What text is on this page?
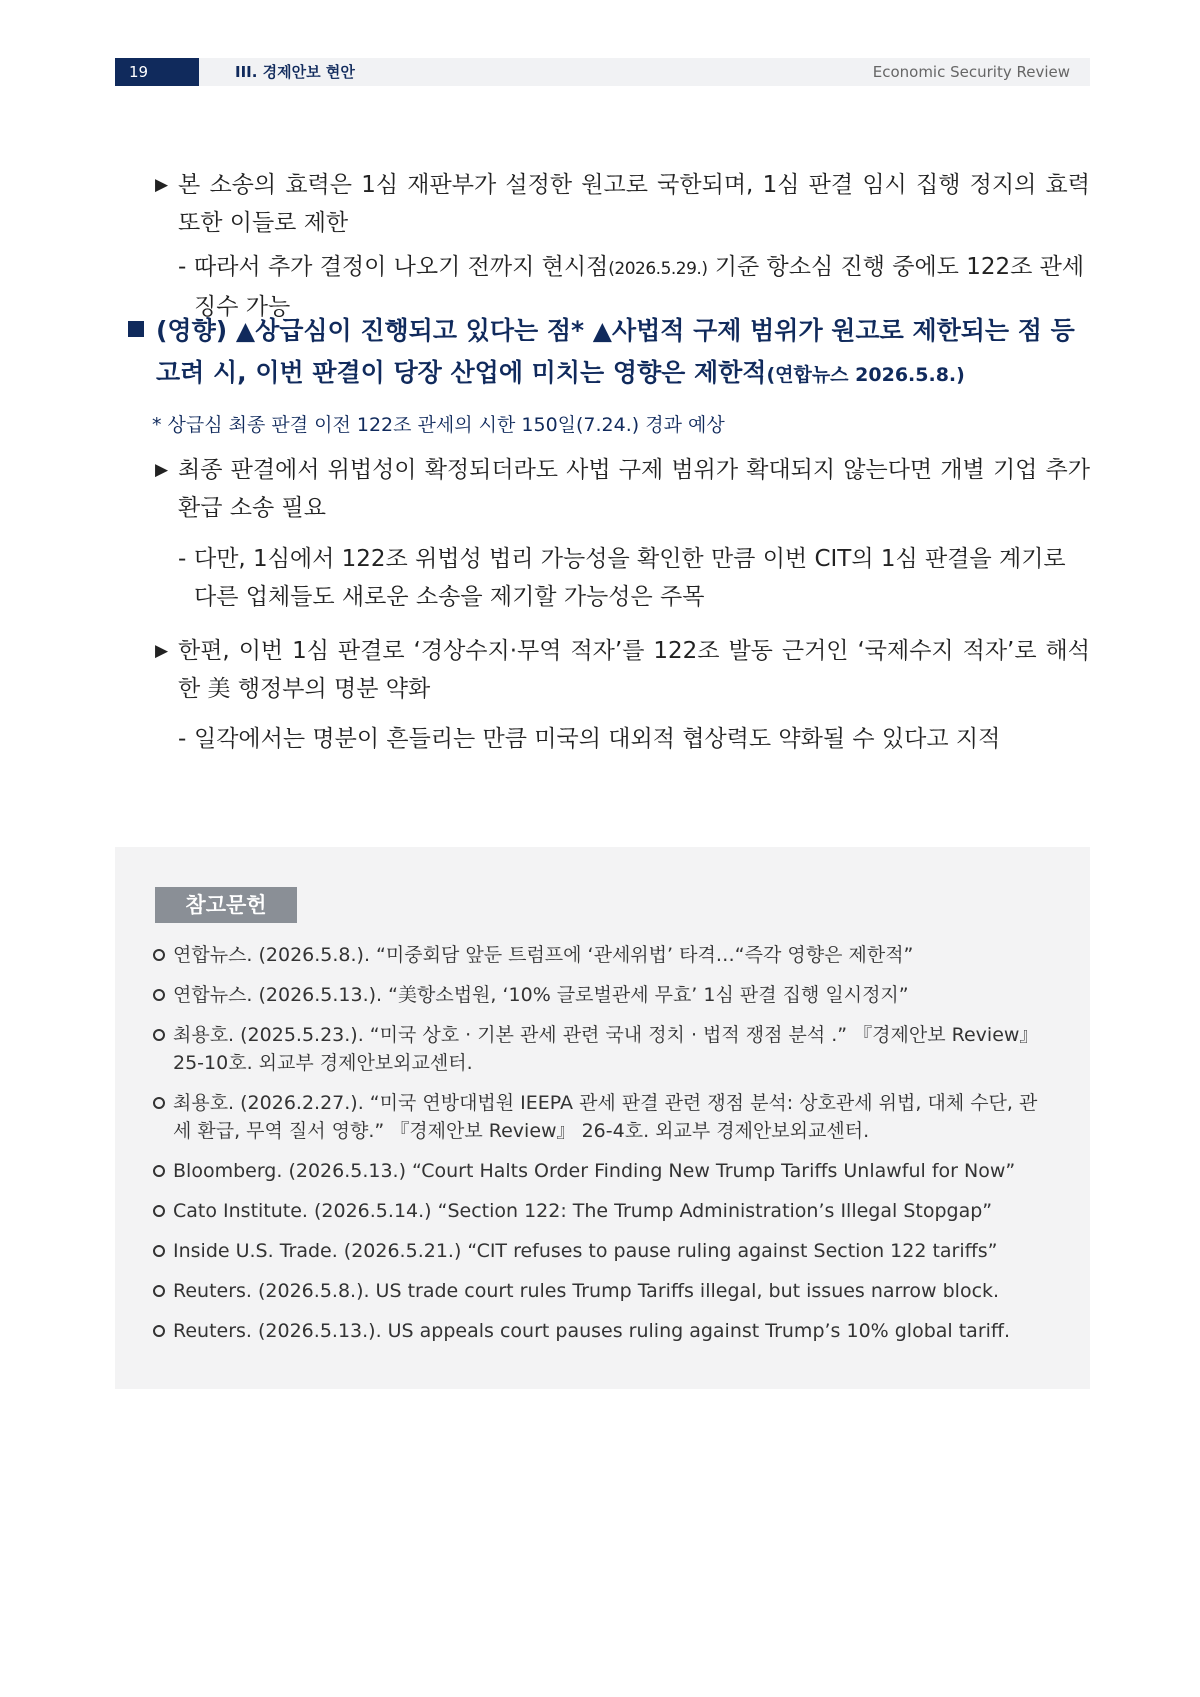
19	III. 경제안보 현안	Economic Security Review
▶ 본 소송의 효력은 1심 재판부가 설정한 원고로 국한되며, 1심 판결 임시 집행 정지의 효력 또한 이들로 제한
- 따라서 추가 결정이 나오기 전까지 현시점(2026.5.29.) 기준 항소심 진행 중에도 122조 관세 징수 가능
(영향) ▲상급심이 진행되고 있다는 점* ▲사법적 구제 범위가 원고로 제한되는 점 등 고려 시, 이번 판결이 당장 산업에 미치는 영향은 제한적(연합뉴스 2026.5.8.)
* 상급심 최종 판결 이전 122조 관세의 시한 150일(7.24.) 경과 예상
▶ 최종 판결에서 위법성이 확정되더라도 사법 구제 범위가 확대되지 않는다면 개별 기업 추가 환급 소송 필요
- 다만, 1심에서 122조 위법성 법리 가능성을 확인한 만큼 이번 CIT의 1심 판결을 계기로 다른 업체들도 새로운 소송을 제기할 가능성은 주목
▶ 한편, 이번 1심 판결로 ‘경상수지·무역 적자’를 122조 발동 근거인 ‘국제수지 적자’로 해석한 美 행정부의 명분 약화
- 일각에서는 명분이 흔들리는 만큼 미국의 대외적 협상력도 약화될 수 있다고 지적
참고문헌
연합뉴스. (2026.5.8.). “미중회담 앞둔 트럼프에 ‘관세위법’ 타격…“즉각 영향은 제한적”
연합뉴스. (2026.5.13.). “美항소법원, ‘10% 글로벌관세 무효’ 1심 판결 집행 일시정지”
최용호. (2025.5.23.). “미국 상호 · 기본 관세 관련 국내 정치 · 법적 쟁점 분석 .” 『경제안보 Review』 25-10호. 외교부 경제안보외교센터.
최용호. (2026.2.27.). “미국 연방대법원 IEEPA 관세 판결 관련 쟁점 분석: 상호관세 위법, 대체 수단, 관세 환급, 무역 질서 영향.” 『경제안보 Review』 26-4호. 외교부 경제안보외교센터.
Bloomberg. (2026.5.13.) “Court Halts Order Finding New Trump Tariffs Unlawful for Now”
Cato Institute. (2026.5.14.) “Section 122: The Trump Administration’s Illegal Stopgap”
Inside U.S. Trade. (2026.5.21.) “CIT refuses to pause ruling against Section 122 tariffs”
Reuters. (2026.5.8.). US trade court rules Trump Tariffs illegal, but issues narrow block.
Reuters. (2026.5.13.). US appeals court pauses ruling against Trump’s 10% global tariff.
